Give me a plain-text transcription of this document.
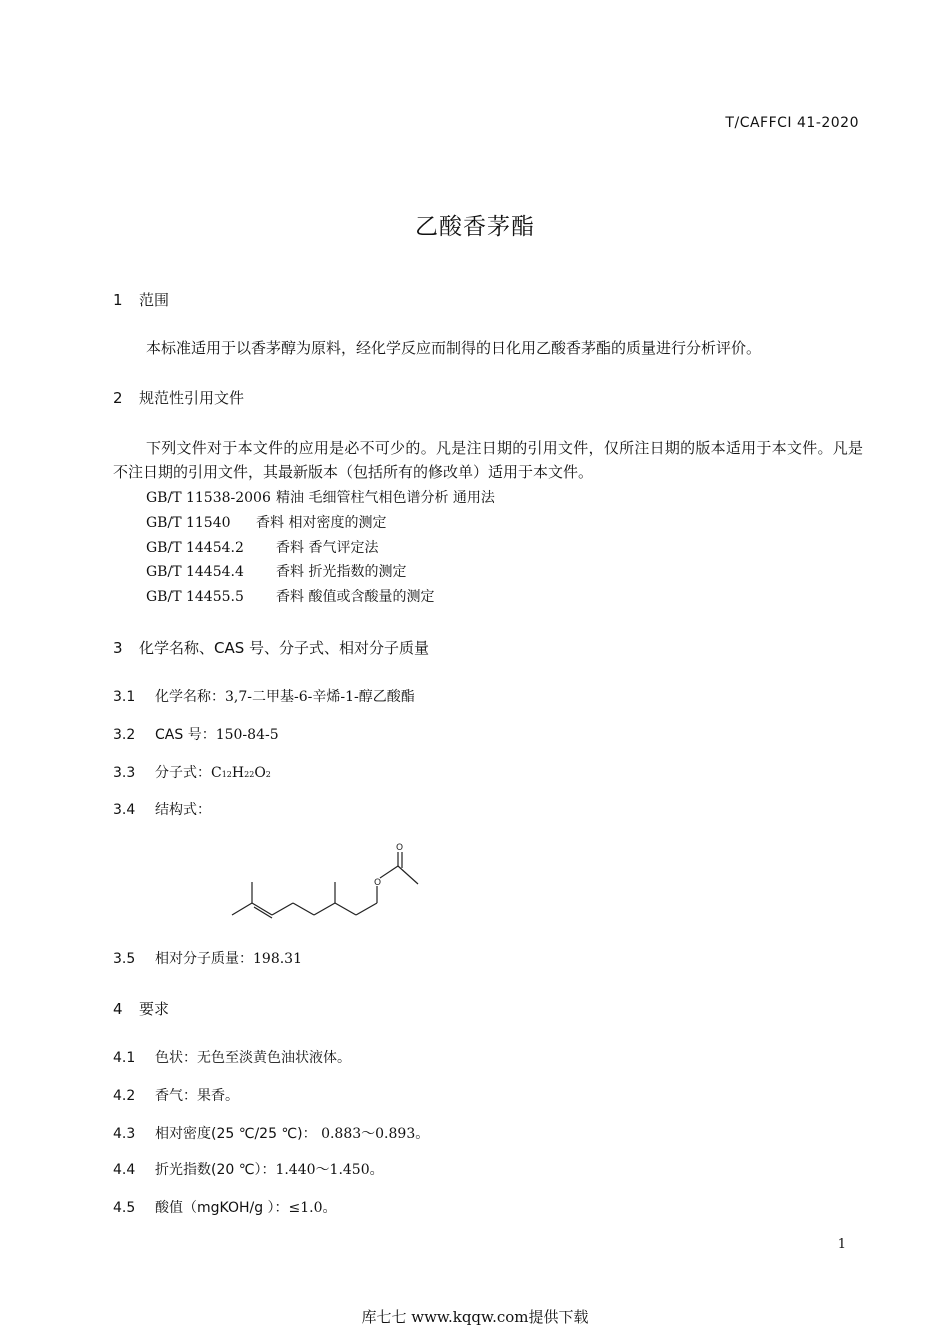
T/CAFFCI 41-2020
乙酸香茅酯
1 范围
本标准适用于以香茅醇为原料，经化学反应而制得的日化用乙酸香茅酯的质量进行分析评价。
2 规范性引用文件
下列文件对于本文件的应用是必不可少的。凡是注日期的引用文件，仅所注日期的版本适用于本文件。凡是不注日期的引用文件，其最新版本（包括所有的修改单）适用于本文件。
GB/T 11538-2006 精油 毛细管柱气相色谱分析 通用法
GB/T 11540 香料 相对密度的测定
GB/T 14454.2 香料 香气评定法
GB/T 14454.4 香料 折光指数的测定
GB/T 14455.5 香料 酸值或含酸量的测定
3 化学名称、CAS 号、分子式、相对分子质量
3.1 化学名称：3,7-二甲基-6-辛烯-1-醇乙酸酯
3.2 CAS 号：150-84-5
3.3 分子式：C12H22O2
3.4 结构式：
O
O
3.5 相对分子质量：198.31
4 要求
4.1 色状：无色至淡黄色油状液体。
4.2 香气：果香。
4.3 相对密度(25 ℃/25 ℃)： 0.883～0.893。
4.4 折光指数(20 ℃）：1.440～1.450。
4.5 酸值（mgKOH/g ）：≤1.0。
1
库七七 www.kqqw.com提供下载
